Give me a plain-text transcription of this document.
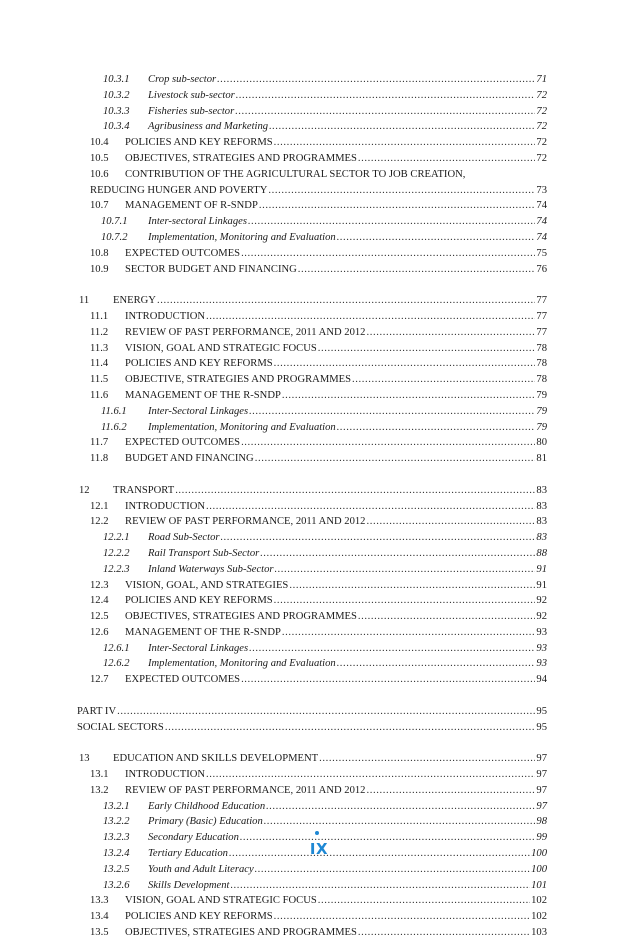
10.3.1 Crop sub-sector .....	71
10.3.2 Livestock sub-sector .....	72
10.3.3 Fisheries sub-sector .....	72
10.3.4 Agribusiness and Marketing .....	72
10.4 POLICIES AND KEY REFORMS .....	72
10.5 OBJECTIVES, STRATEGIES AND PROGRAMMES .....	72
10.6 CONTRIBUTION OF THE AGRICULTURAL SECTOR TO JOB CREATION,
REDUCING HUNGER AND POVERTY .....	73
10.7 MANAGEMENT OF R-SNDP .....	74
10.7.1 Inter-sectoral Linkages .....	74
10.7.2 Implementation, Monitoring and Evaluation .....	74
10.8 EXPECTED OUTCOMES .....	75
10.9 SECTOR BUDGET AND FINANCING .....	76
11 ENERGY .....	77
11.1 INTRODUCTION .....	77
11.2 REVIEW OF PAST PERFORMANCE, 2011 AND 2012 .....	77
11.3 VISION, GOAL AND STRATEGIC FOCUS .....	78
11.4 POLICIES AND KEY REFORMS .....	78
11.5 OBJECTIVE, STRATEGIES AND PROGRAMMES .....	78
11.6 MANAGEMENT OF THE R-SNDP .....	79
11.6.1 Inter-Sectoral Linkages .....	79
11.6.2 Implementation, Monitoring and Evaluation .....	79
11.7 EXPECTED OUTCOMES .....	80
11.8 BUDGET AND FINANCING .....	81
12 TRANSPORT .....	83
12.1 INTRODUCTION .....	83
12.2 REVIEW OF PAST PERFORMANCE, 2011 AND 2012 .....	83
12.2.1 Road Sub-Sector .....	83
12.2.2 Rail Transport Sub-Sector .....	88
12.2.3 Inland Waterways Sub-Sector .....	91
12.3 VISION, GOAL, AND STRATEGIES .....	91
12.4 POLICIES AND KEY REFORMS .....	92
12.5 OBJECTIVES, STRATEGIES AND PROGRAMMES .....	92
12.6 MANAGEMENT OF THE R-SNDP .....	93
12.6.1 Inter-Sectoral Linkages .....	93
12.6.2 Implementation, Monitoring and Evaluation .....	93
12.7 EXPECTED OUTCOMES .....	94
PART IV .....	95
SOCIAL SECTORS .....	95
13 EDUCATION AND SKILLS DEVELOPMENT .....	97
13.1 INTRODUCTION .....	97
13.2 REVIEW OF PAST PERFORMANCE, 2011 AND 2012 .....	97
13.2.1 Early Childhood Education .....	97
13.2.2 Primary (Basic) Education .....	98
13.2.3 Secondary Education .....	99
13.2.4 Tertiary Education .....	100
13.2.5 Youth and Adult Literacy .....	100
13.2.6 Skills Development .....	101
13.3 VISION, GOAL AND STRATEGIC FOCUS .....	102
13.4 POLICIES AND KEY REFORMS .....	102
13.5 OBJECTIVES, STRATEGIES AND PROGRAMMES .....	103
IX
